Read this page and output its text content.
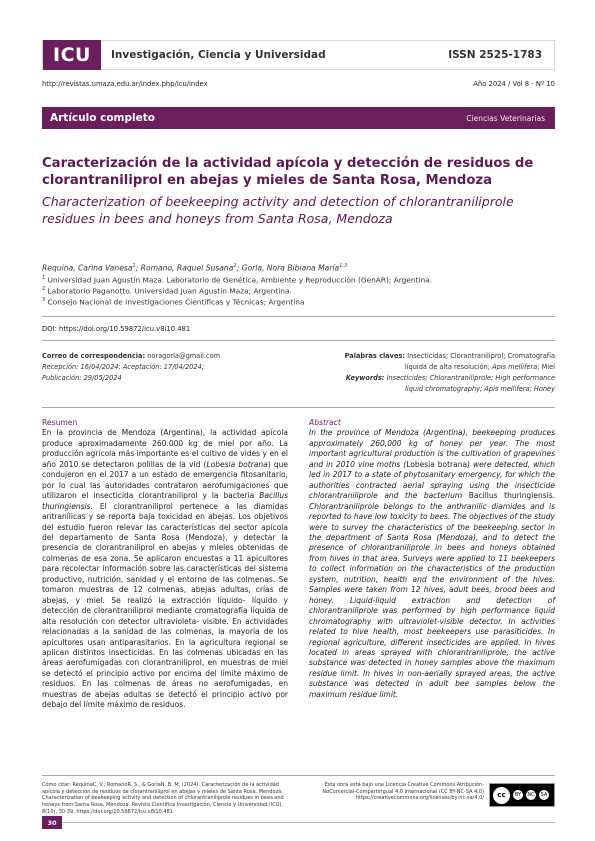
ICU	Investigación, Ciencia y Universidad	ISSN 2525-1783
http://revistas.umaza.edu.ar/index.php/icu/index	Año 2024 / Vol 8 - Nº 10
Artículo completo	Ciencias Veterinarias
Caracterización de la actividad apícola y detección de residuos de clorantraniliprol en abejas y mieles de Santa Rosa, Mendoza
Characterization of beekeeping activity and detection of chlorantraniliprole residues in bees and honeys from Santa Rosa, Mendoza
Requina, Carina Vanesa$^1$; Romano, Raquel Susana$^2$; Gorla, Nora Bibiana María$^{1,3}$
$^1$ Universidad Juan Agustín Maza. Laboratorio de Genética, Ambiente y Reproducción (GenAR); Argentina.
$^2$ Laboratorio Paganotto. Universidad Juan Agustín Maza; Argentina.
$^3$ Consejo Nacional de Investigaciones Científicas y Técnicas; Argentina
DOI: https://doi.org/10.59872/icu.v8i10.481
Correo de correspondencia: noragorla@gmail.com
Recepción: 16/04/2024; Aceptación: 17/04/2024;
Publicación: 29/05/2024
Palabras claves: Insecticidas; Clorantraniliprol; Cromatografía
líquida de alta resolución; Apis mellifera; Miel
Keywords: Insecticides; Chlorantraniliprole; High performance
liquid chromatography; Apis mellifera; Honey
Resumen
En la provincia de Mendoza (Argentina), la actividad apícola produce aproximadamente 260.000 kg de miel por año. La producción agrícola más importante es el cultivo de vides y en el año 2010 se detectaron polillas de la vid (Lobesia botrana) que condujeron en el 2017 a un estado de emergencia fitosanitario, por lo cual las autoridades contrataron aerofumigaciones que utilizaron el insecticida clorantraniliprol y la bacteria Bacillus thuringiensis. El clorantraniliprol pertenece a las diamidas antranílicas y se reporta baja toxicidad en abejas. Los objetivos del estudio fueron relevar las características del sector apícola del departamento de Santa Rosa (Mendoza), y detectar la presencia de clorantraniliprol en abejas y mieles obtenidas de colmenas de esa zona. Se aplicaron encuestas a 11 apicultores para recolectar información sobre las características del sistema productivo, nutrición, sanidad y el entorno de las colmenas. Se tomaron muestras de 12 colmenas, abejas adultas, crías de abejas, y miel. Se realizó la extracción líquido- líquido y detección de clorantraniliprol mediante cromatografía líquida de alta resolución con detector ultravioleta- visible. En actividades relacionadas a la sanidad de las colmenas, la mayoría de los apicultores usan antiparasitarios. En la agricultura regional se aplican distintos insecticidas. En las colmenas ubicadas en las áreas aerofumigadas con clorantraniliprol, en muestras de miel se detectó el principio activo por encima del límite máximo de residuos. En las colmenas de áreas no aerofumigadas, en muestras de abejas adultas se detectó el principio activo por debajo del límite máximo de residuos.
Abstract
In the province of Mendoza (Argentina), beekeeping produces approximately 260,000 kg of honey per year. The most important agricultural production is the cultivation of grapevines and in 2010 vine moths (Lobesia botrana) were detected, which led in 2017 to a state of phytosanitary emergency, for which the authorities contracted aerial spraying using the insecticide chlorantraniliprole and the bacterium Bacillus thuringiensis. Chlorantraniliprole belongs to the anthranilic diamides and is reported to have low toxicity to bees. The objectives of the study were to survey the characteristics of the beekeeping sector in the department of Santa Rosa (Mendoza), and to detect the presence of chlorantraniliprole in bees and honeys obtained from hives in that area. Surveys were applied to 11 beekeepers to collect information on the characteristics of the production system, nutrition, health and the environment of the hives. Samples were taken from 12 hives, adult bees, brood bees and honey. Liquid-liquid extraction and detection of chlorantraniliprole was performed by high performance liquid chromatography with ultraviolet-visible detector. In activities related to hive health, most beekeepers use parasiticides. In regional agriculture, different insecticides are applied. In hives located in areas sprayed with chlorantraniliprole, the active substance was detected in honey samples above the maximum residue limit. In hives in non-aerially sprayed areas, the active substance was detected in adult bee samples below the maximum residue limit.
Cómo citar: RequinaC. V., RomanoR. S., & GorlaN. B. M. (2024). Caracterización de la actividad apícola y detección de residuos de clorantraniliprol en abejas y mieles de Santa Rosa, Mendoza. Characterization of beekeeping activity and detection of chlorantraniliprole residues in bees and honeys from Santa Rosa, Mendoza. Revista Científica Investigación, Ciencia y Universidad (ICU), 8(10), 30-39. https://doi.org/10.59872/icu.v8i10.481
Esta obra está bajo una Licencia Creative Commons Atribución-NoComercial-CompartirIgual 4.0 Internacional (CC BY-NC-SA 4.0) https://creativecommons.org/licenses/by-nc-sa/4.0/	cc	BY	NC	SA
30
